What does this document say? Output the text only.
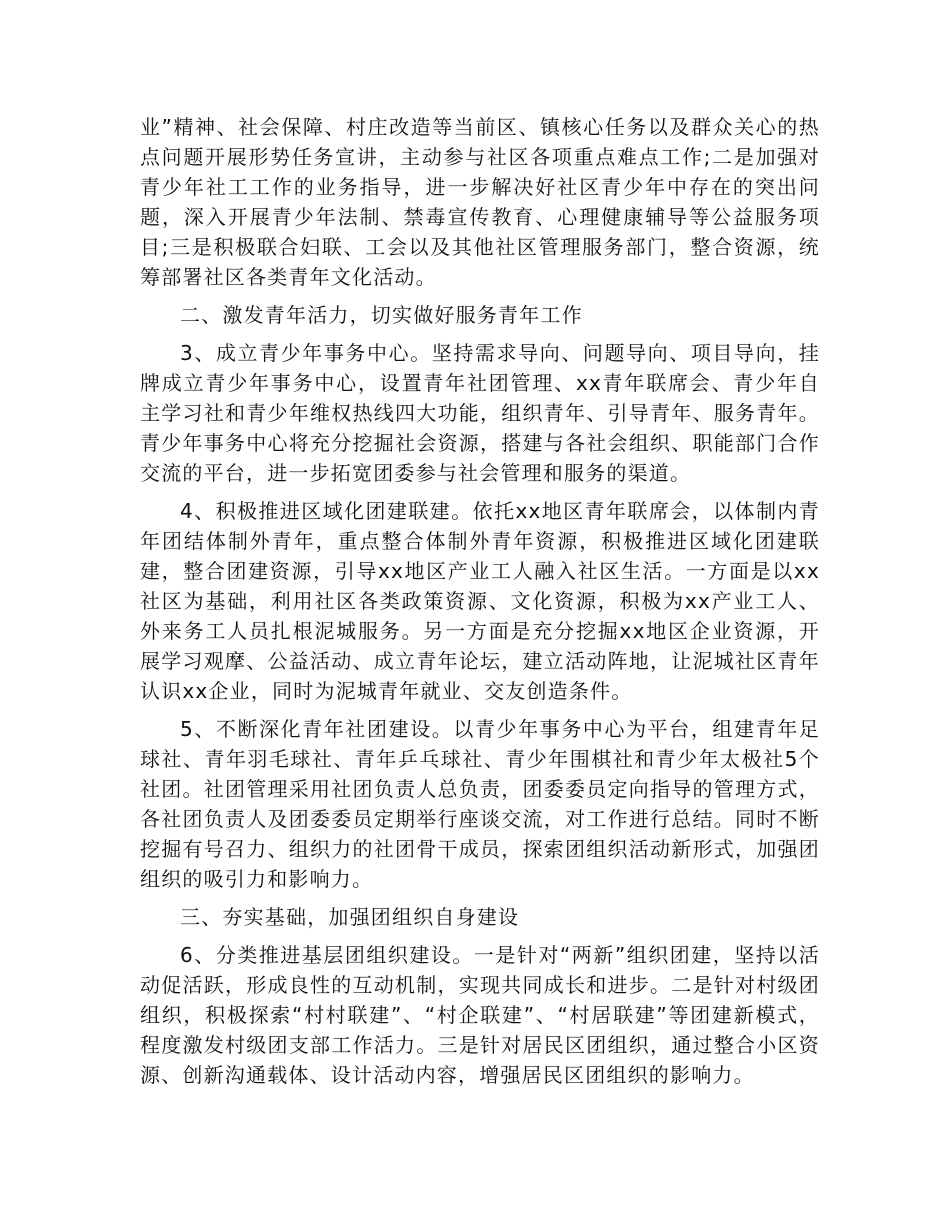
业”精神、社会保障、村庄改造等当前区、镇核心任务以及群众关心的热点问题开展形势任务宣讲，主动参与社区各项重点难点工作;二是加强对青少年社工工作的业务指导，进一步解决好社区青少年中存在的突出问题，深入开展青少年法制、禁毒宣传教育、心理健康辅导等公益服务项目;三是积极联合妇联、工会以及其他社区管理服务部门，整合资源，统筹部署社区各类青年文化活动。

二、激发青年活力，切实做好服务青年工作

3、成立青少年事务中心。坚持需求导向、问题导向、项目导向，挂牌成立青少年事务中心，设置青年社团管理、xx青年联席会、青少年自主学习社和青少年维权热线四大功能，组织青年、引导青年、服务青年。青少年事务中心将充分挖掘社会资源，搭建与各社会组织、职能部门合作交流的平台，进一步拓宽团委参与社会管理和服务的渠道。

4、积极推进区域化团建联建。依托xx地区青年联席会，以体制内青年团结体制外青年，重点整合体制外青年资源，积极推进区域化团建联建，整合团建资源，引导xx地区产业工人融入社区生活。一方面是以xx社区为基础，利用社区各类政策资源、文化资源，积极为xx产业工人、外来务工人员扎根泥城服务。另一方面是充分挖掘xx地区企业资源，开展学习观摩、公益活动、成立青年论坛，建立活动阵地，让泥城社区青年认识xx企业，同时为泥城青年就业、交友创造条件。

5、不断深化青年社团建设。以青少年事务中心为平台，组建青年足球社、青年羽毛球社、青年乒乓球社、青少年围棋社和青少年太极社5个社团。社团管理采用社团负责人总负责，团委委员定向指导的管理方式，各社团负责人及团委委员定期举行座谈交流，对工作进行总结。同时不断挖掘有号召力、组织力的社团骨干成员，探索团组织活动新形式，加强团组织的吸引力和影响力。

三、夯实基础，加强团组织自身建设

6、分类推进基层团组织建设。一是针对“两新”组织团建，坚持以活动促活跃，形成良性的互动机制，实现共同成长和进步。二是针对村级团组织，积极探索“村村联建”、“村企联建”、“村居联建”等团建新模式，程度激发村级团支部工作活力。三是针对居民区团组织，通过整合小区资源、创新沟通载体、设计活动内容，增强居民区团组织的影响力。
